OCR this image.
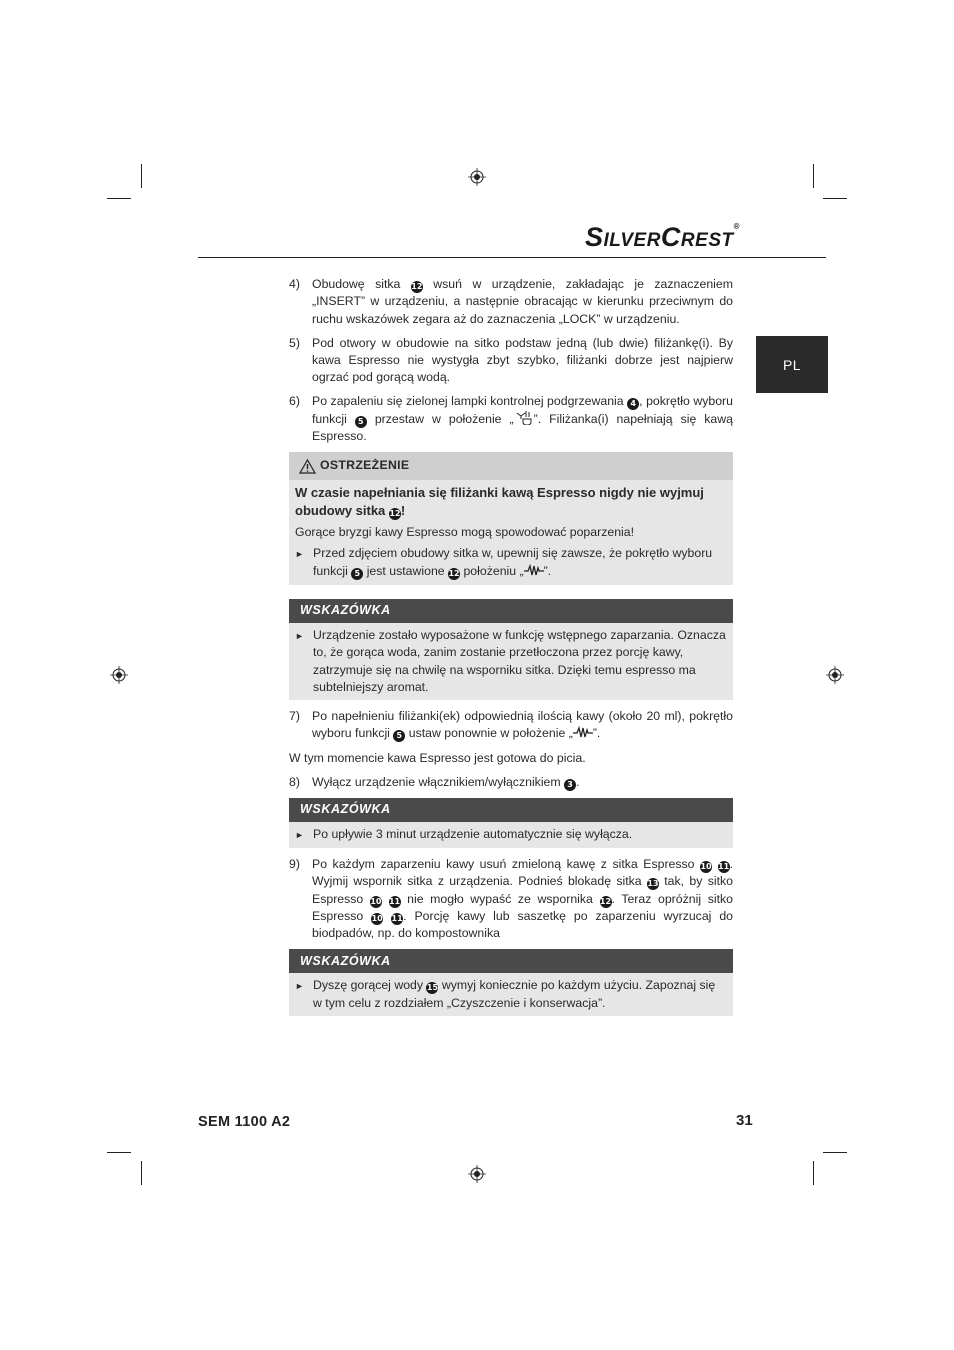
SILVERCREST®
PL
4) Obudowę sitka 12 wsuń w urządzenie, zakładając je zaznaczeniem „INSERT” w urządzeniu, a następnie obracając w kierunku przeciwnym do ruchu wskazówek zegara aż do zaznaczenia „LOCK” w urządzeniu.
5) Pod otwory w obudowie na sitko podstaw jedną (lub dwie) filiżankę(i). By kawa Espresso nie wystygła zbyt szybko, filiżanki dobrze jest najpierw ogrzać pod gorącą wodą.
6) Po zapaleniu się zielonej lampki kontrolnej podgrzewania 4 , pokrętło wyboru funkcji 5 przestaw w położenie „ ”. Filiżanka(i) napełniają się kawą Espresso.
OSTRZEŻENIE
W czasie napełniania się filiżanki kawą Espresso nigdy nie wyjmuj obudowy sitka 12!
Gorące bryzgi kawy Espresso mogą spowodować poparzenia!
► Przed zdjęciem obudowy sitka w, upewnij się zawsze, że pokrętło wyboru funkcji 5 jest ustawione 12 położeniu „ ”.
WSKAZÓWKA
► Urządzenie zostało wyposażone w funkcję wstępnego zaparzania. Oznacza to, że gorąca woda, zanim zostanie przetłoczona przez porcję kawy, zatrzymuje się na chwilę na wsporniku sitka. Dzięki temu espresso ma subtelniejszy aromat.
7) Po napełnieniu filiżanki(ek) odpowiednią ilością kawy (około 20 ml), pokrętło wyboru funkcji 5 ustaw ponownie w położenie „ ”.
W tym momencie kawa Espresso jest gotowa do picia.
8) Wyłącz urządzenie włącznikiem/wyłącznikiem 3 .
WSKAZÓWKA
► Po upływie 3 minut urządzenie automatycznie się wyłącza.
9) Po każdym zaparzeniu kawy usuń zmieloną kawę z sitka Espresso 10 11. Wyjmij wspornik sitka z urządzenia. Podnieś blokadę sitka 13 tak, by sitko Espresso 10 11 nie mogło wypaść ze wspornika 12. Teraz opróżnij sitko Espresso 10 11. Porcję kawy lub saszetkę po zaparzeniu wyrzucaj do biodpadów, np. do kompostownika
WSKAZÓWKA
► Dyszę gorącej wody 15 wymyj koniecznie po każdym użyciu. Zapoznaj się w tym celu z rozdziałem „Czyszczenie i konserwacja”.
SEM 1100 A2	31
